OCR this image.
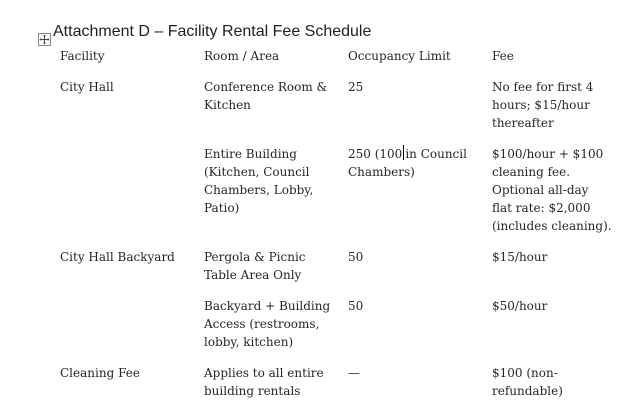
Attachment D – Facility Rental Fee Schedule
Facility	Room / Area	Occupancy Limit	Fee
City Hall	Conference Room & Kitchen	25	No fee for first 4 hours; $15/hour thereafter
	Entire Building (Kitchen, Council Chambers, Lobby, Patio)	250 (100 in Council Chambers)	$100/hour + $100 cleaning fee. Optional all-day flat rate: $2,000 (includes cleaning).
City Hall Backyard	Pergola & Picnic Table Area Only	50	$15/hour
	Backyard + Building Access (restrooms, lobby, kitchen)	50	$50/hour
Cleaning Fee	Applies to all entire building rentals	—	$100 (non-refundable)
